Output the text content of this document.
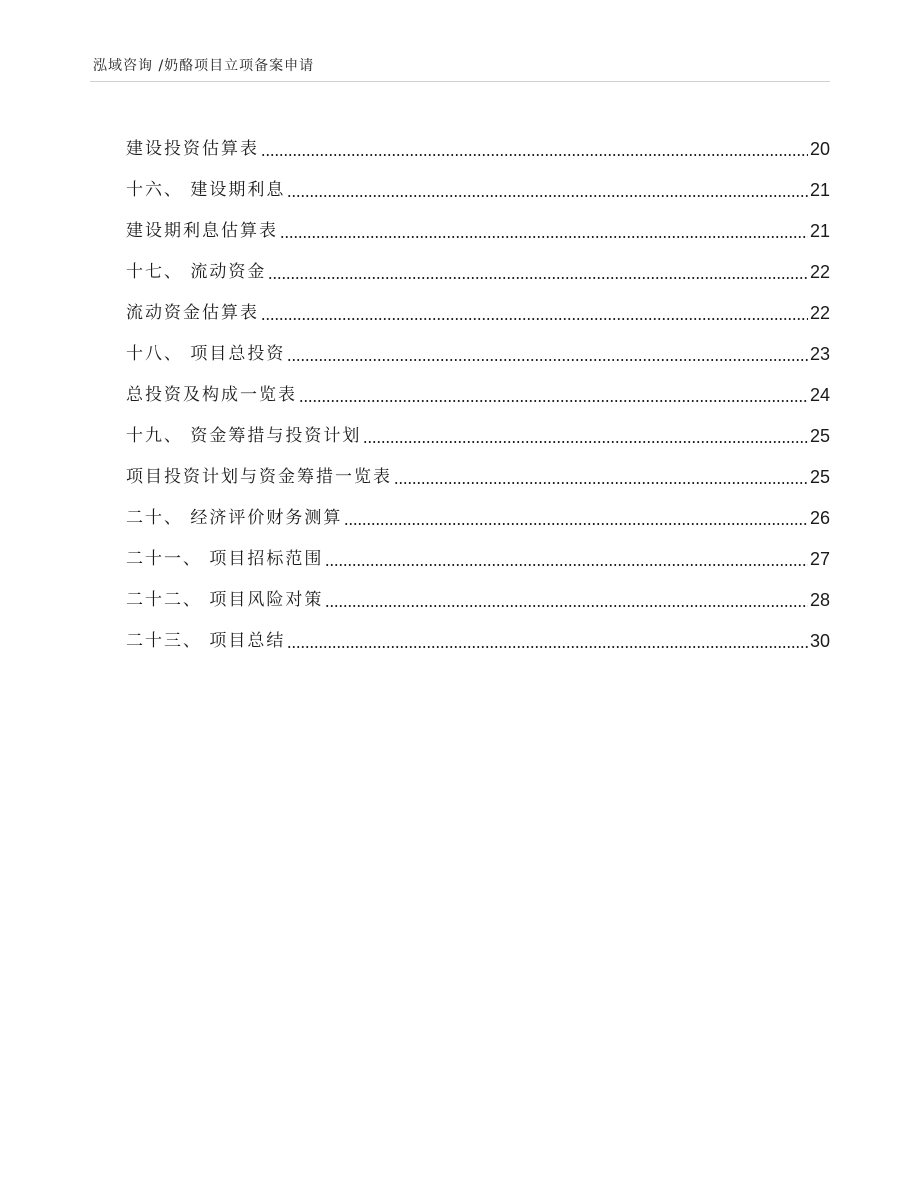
泓域咨询 /奶酪项目立项备案申请
建设投资估算表	20
十六、 建设期利息	21
建设期利息估算表	21
十七、 流动资金	22
流动资金估算表	22
十八、 项目总投资	23
总投资及构成一览表	24
十九、 资金筹措与投资计划	25
项目投资计划与资金筹措一览表	25
二十、 经济评价财务测算	26
二十一、 项目招标范围	27
二十二、 项目风险对策	28
二十三、 项目总结	30
